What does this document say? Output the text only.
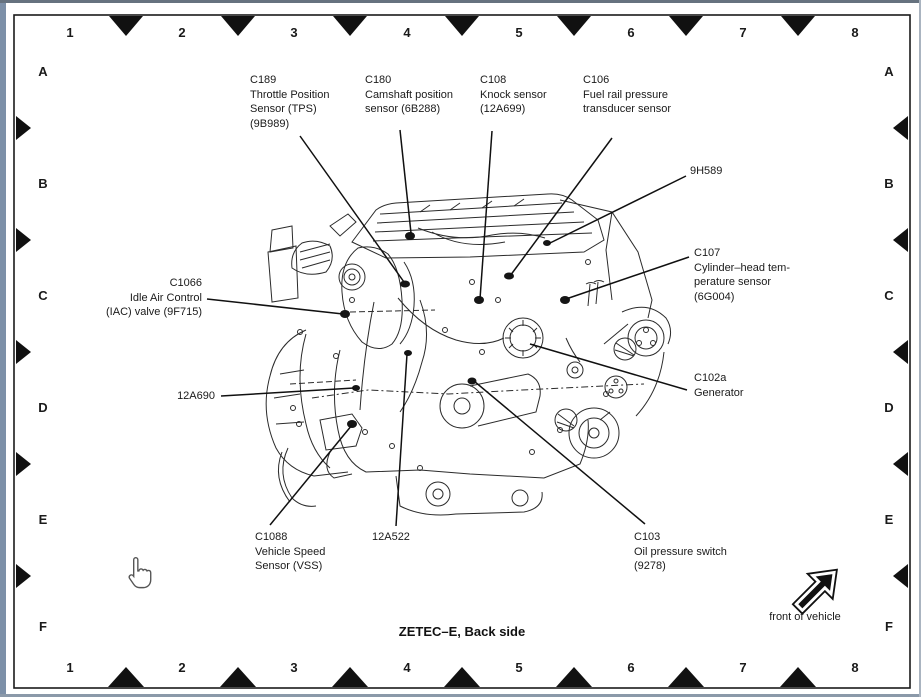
1	2	3	4	5	6	7	8
1	2	3	4	5	6	7	8
A
B
C
D
E
F
A
B
C
D
E
F
C189
Throttle Position
Sensor (TPS)
(9B989)
C180
Camshaft position
sensor (6B288)
C108
Knock sensor
(12A699)
C106
Fuel rail pressure
transducer sensor
9H589
C107
Cylinder–head tem-
perature sensor
(6G004)
C102a
Generator
C1066
Idle Air Control
(IAC) valve (9F715)
12A690
C1088
Vehicle Speed
Sensor (VSS)
12A522	C103
Oil pressure switch
(9278)
ZETEC–E, Back side
front of vehicle
